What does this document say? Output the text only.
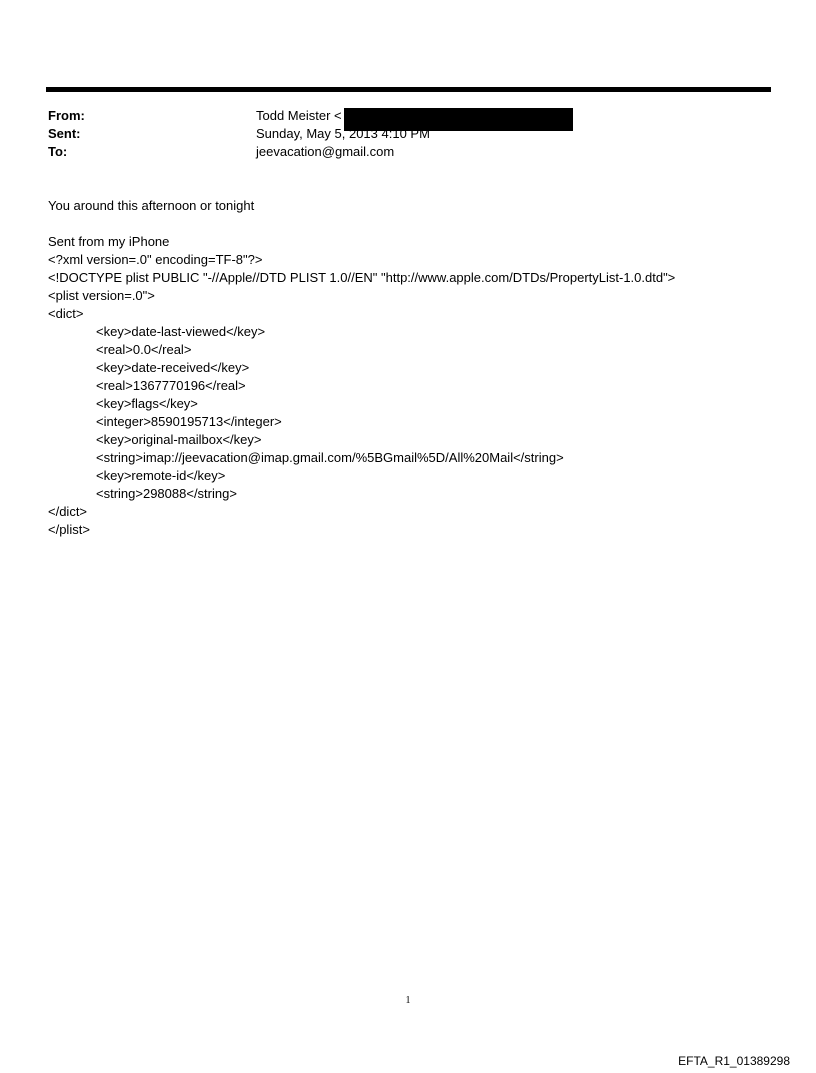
From:	Todd Meister <
Sent:	Sunday, May 5, 2013 4:10 PM
To:	jeevacation@gmail.com
You around this afternoon or tonight
Sent from my iPhone
<?xml version=.0" encoding=TF-8"?>
<!DOCTYPE plist PUBLIC "-//Apple//DTD PLIST 1.0//EN" "http://www.apple.com/DTDs/PropertyList-1.0.dtd">
<plist version=.0">
<dict>
<key>date-last-viewed</key>
<real>0.0</real>
<key>date-received</key>
<real>1367770196</real>
<key>flags</key>
<integer>8590195713</integer>
<key>original-mailbox</key>
<string>imap://jeevacation@imap.gmail.com/%5BGmail%5D/All%20Mail</string>
<key>remote-id</key>
<string>298088</string>
</dict>
</plist>
1
EFTA_R1_01389298
